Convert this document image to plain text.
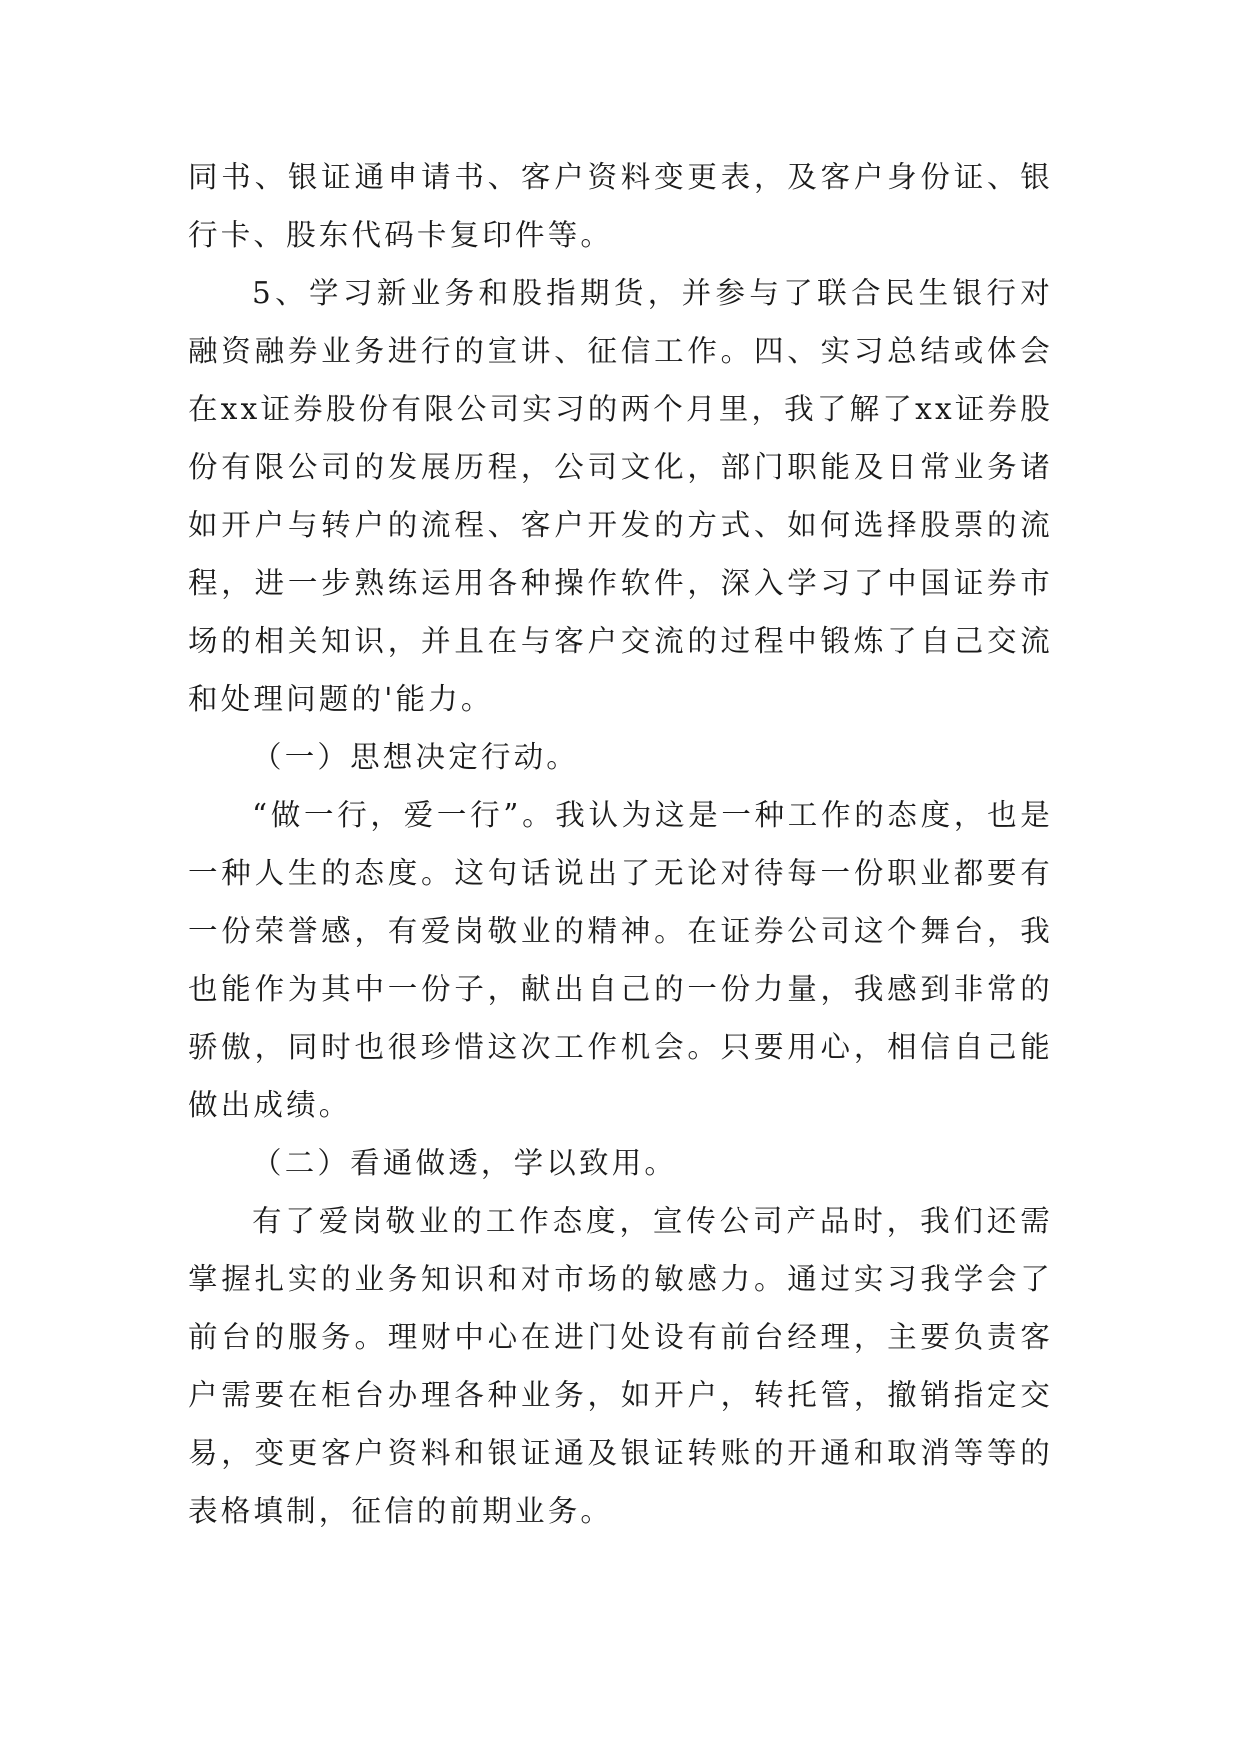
同书、银证通申请书、客户资料变更表，及客户身份证、银行卡、股东代码卡复印件等。

5、学习新业务和股指期货，并参与了联合民生银行对融资融券业务进行的宣讲、征信工作。四、实习总结或体会在xx证券股份有限公司实习的两个月里，我了解了xx证券股份有限公司的发展历程，公司文化，部门职能及日常业务诸如开户与转户的流程、客户开发的方式、如何选择股票的流程，进一步熟练运用各种操作软件，深入学习了中国证券市场的相关知识，并且在与客户交流的过程中锻炼了自己交流和处理问题的'能力。

（一）思想决定行动。

“做一行，爱一行”。我认为这是一种工作的态度，也是一种人生的态度。这句话说出了无论对待每一份职业都要有一份荣誉感，有爱岗敬业的精神。在证券公司这个舞台，我也能作为其中一份子，献出自己的一份力量，我感到非常的骄傲，同时也很珍惜这次工作机会。只要用心，相信自己能做出成绩。

（二）看通做透，学以致用。

有了爱岗敬业的工作态度，宣传公司产品时，我们还需掌握扎实的业务知识和对市场的敏感力。通过实习我学会了前台的服务。理财中心在进门处设有前台经理，主要负责客户需要在柜台办理各种业务，如开户，转托管，撤销指定交易，变更客户资料和银证通及银证转账的开通和取消等等的表格填制，征信的前期业务。
